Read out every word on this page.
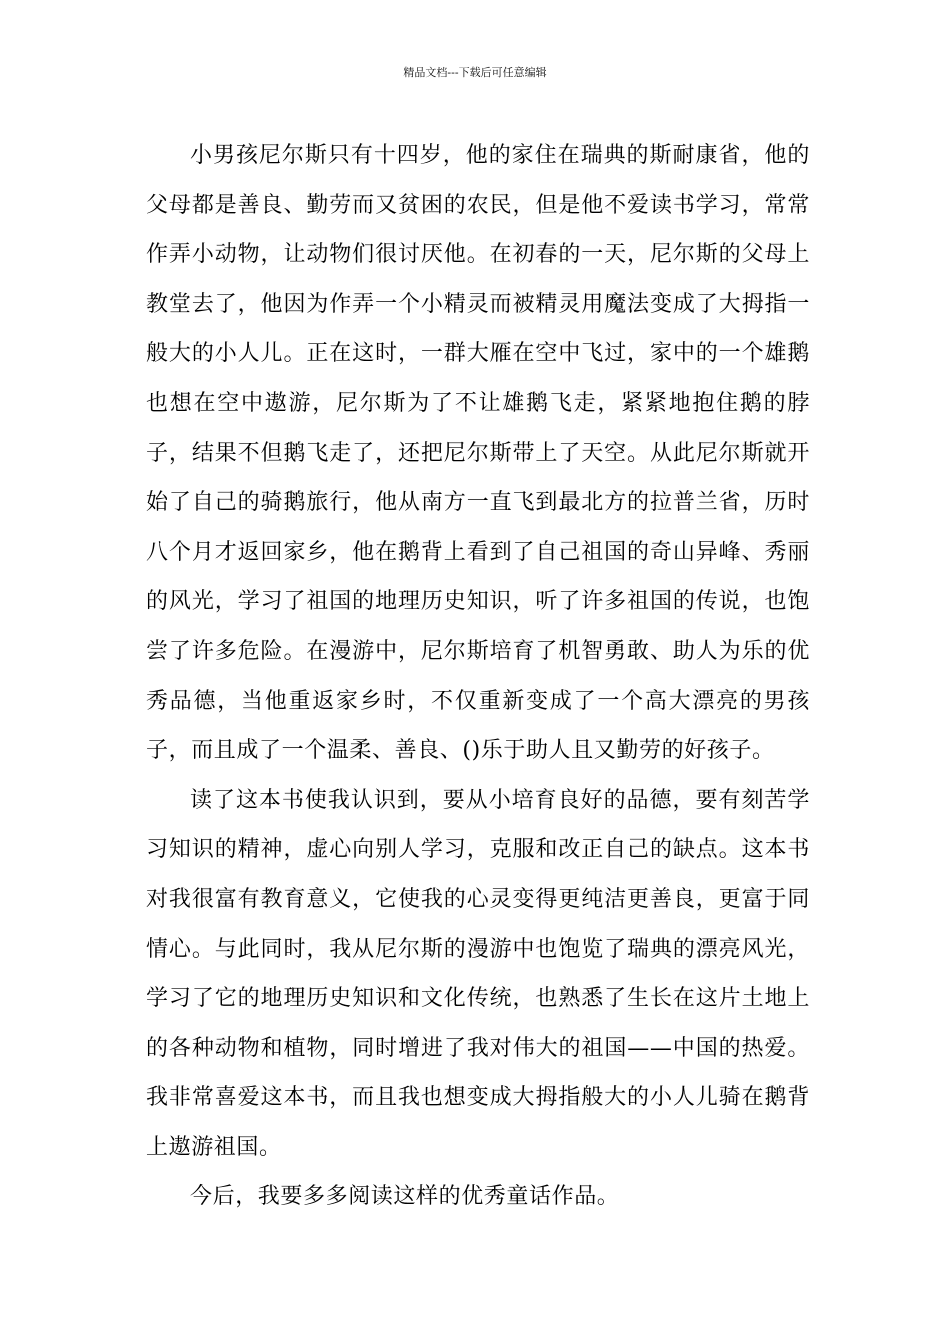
精品文档---下载后可任意编辑

小男孩尼尔斯只有十四岁，他的家住在瑞典的斯耐康省，他的父母都是善良、勤劳而又贫困的农民，但是他不爱读书学习，常常作弄小动物，让动物们很讨厌他。在初春的一天，尼尔斯的父母上教堂去了，他因为作弄一个小精灵而被精灵用魔法变成了大拇指一般大的小人儿。正在这时，一群大雁在空中飞过，家中的一个雄鹅也想在空中遨游，尼尔斯为了不让雄鹅飞走，紧紧地抱住鹅的脖子，结果不但鹅飞走了，还把尼尔斯带上了天空。从此尼尔斯就开始了自己的骑鹅旅行，他从南方一直飞到最北方的拉普兰省，历时八个月才返回家乡，他在鹅背上看到了自己祖国的奇山异峰、秀丽的风光，学习了祖国的地理历史知识，听了许多祖国的传说，也饱尝了许多危险。在漫游中，尼尔斯培育了机智勇敢、助人为乐的优秀品德，当他重返家乡时，不仅重新变成了一个高大漂亮的男孩子，而且成了一个温柔、善良、()乐于助人且又勤劳的好孩子。

读了这本书使我认识到，要从小培育良好的品德，要有刻苦学习知识的精神，虚心向别人学习，克服和改正自己的缺点。这本书对我很富有教育意义，它使我的心灵变得更纯洁更善良，更富于同情心。与此同时，我从尼尔斯的漫游中也饱览了瑞典的漂亮风光，学习了它的地理历史知识和文化传统，也熟悉了生长在这片土地上的各种动物和植物，同时增进了我对伟大的祖国——中国的热爱。我非常喜爱这本书，而且我也想变成大拇指般大的小人儿骑在鹅背上遨游祖国。

今后，我要多多阅读这样的优秀童话作品。
